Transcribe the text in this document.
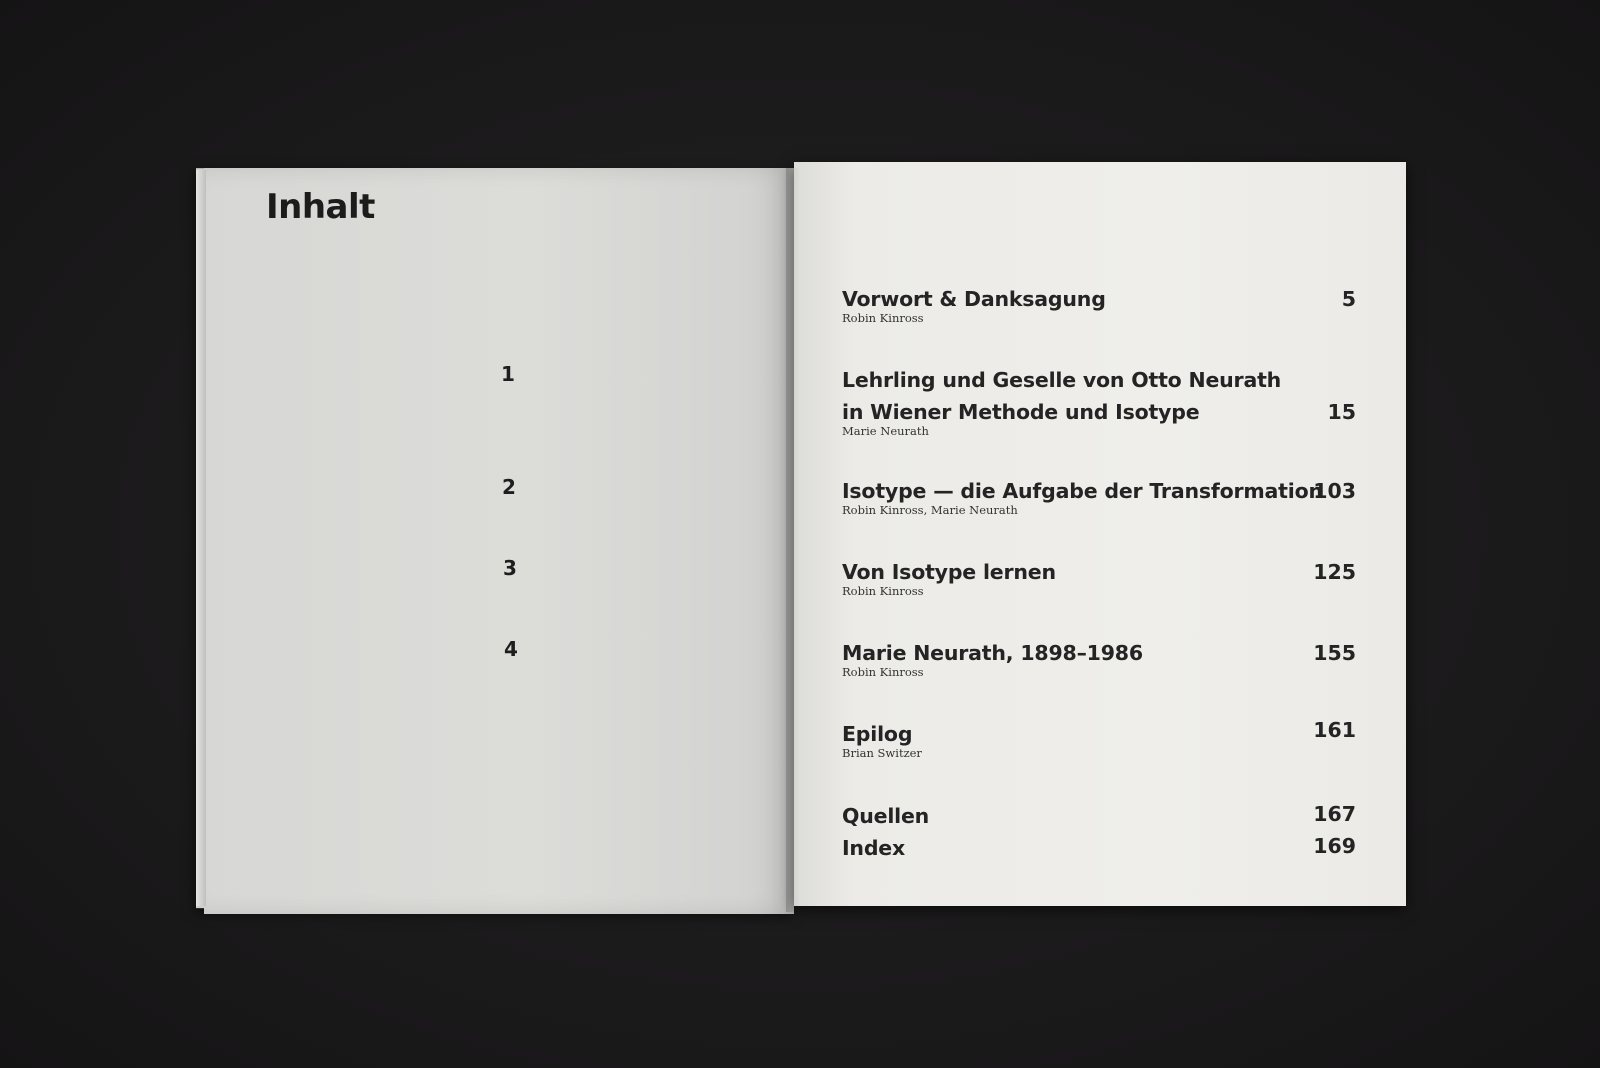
Inhalt
1
2
3
4
5
Vorwort & Danksagung
Robin Kinross
15
Lehrling und Geselle von Otto Neurath
in Wiener Methode und Isotype
Marie Neurath
103
Isotype — die Aufgabe der Transformation
Robin Kinross, Marie Neurath
125
Von Isotype lernen
Robin Kinross
155
Marie Neurath, 1898–1986
Robin Kinross
161
Epilog
Brian Switzer
167
Quellen
169
Index
